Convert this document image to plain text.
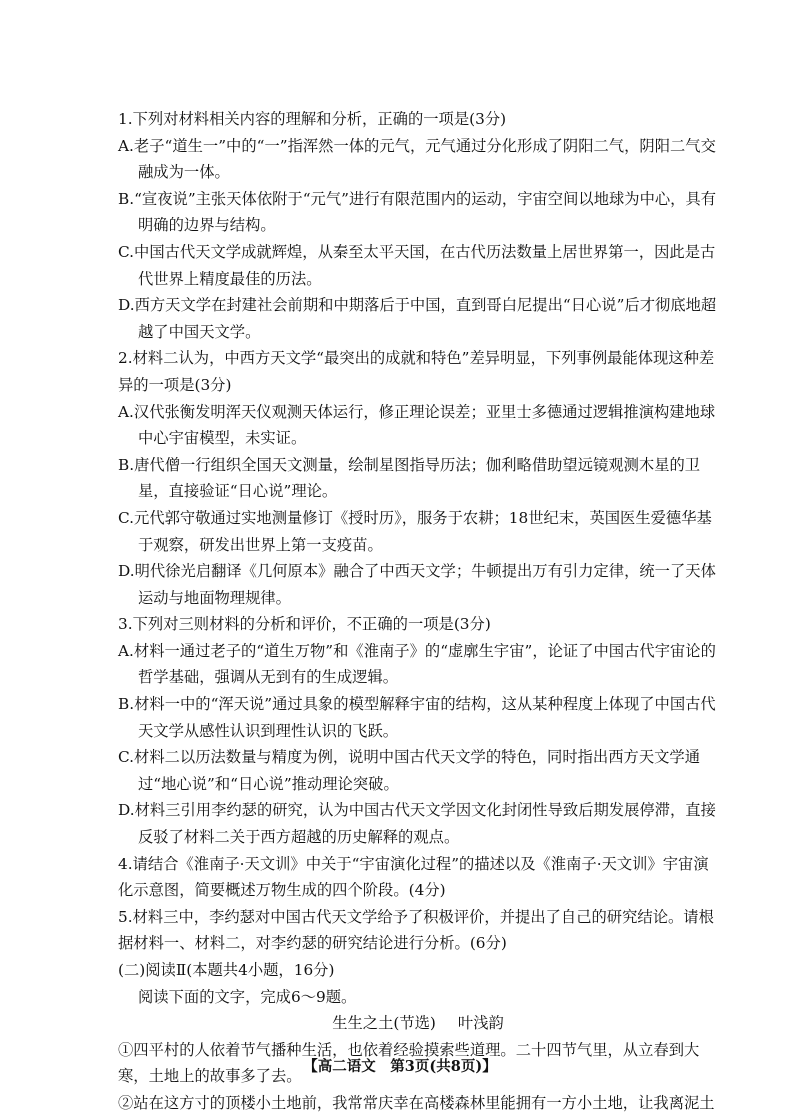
1.下列对材料相关内容的理解和分析，正确的一项是(3分)

A.老子“道生一”中的“一”指浑然一体的元气，元气通过分化形成了阴阳二气，阴阳二气交融成为一体。

B.“宣夜说”主张天体依附于“元气”进行有限范围内的运动，宇宙空间以地球为中心，具有明确的边界与结构。

C.中国古代天文学成就辉煌，从秦至太平天国，在古代历法数量上居世界第一，因此是古代世界上精度最佳的历法。

D.西方天文学在封建社会前期和中期落后于中国，直到哥白尼提出“日心说”后才彻底地超越了中国天文学。

2.材料二认为，中西方天文学“最突出的成就和特色”差异明显，下列事例最能体现这种差异的一项是(3分)

A.汉代张衡发明浑天仪观测天体运行，修正理论误差；亚里士多德通过逻辑推演构建地球中心宇宙模型，未实证。

B.唐代僧一行组织全国天文测量，绘制星图指导历法；伽利略借助望远镜观测木星的卫星，直接验证“日心说”理论。

C.元代郭守敬通过实地测量修订《授时历》，服务于农耕；18世纪末，英国医生爱德华基于观察，研发出世界上第一支疫苗。

D.明代徐光启翻译《几何原本》融合了中西天文学；牛顿提出万有引力定律，统一了天体运动与地面物理规律。

3.下列对三则材料的分析和评价，不正确的一项是(3分)

A.材料一通过老子的“道生万物”和《淮南子》的“虚廓生宇宙”，论证了中国古代宇宙论的哲学基础，强调从无到有的生成逻辑。

B.材料一中的“浑天说”通过具象的模型解释宇宙的结构，这从某种程度上体现了中国古代天文学从感性认识到理性认识的飞跃。

C.材料二以历法数量与精度为例，说明中国古代天文学的特色，同时指出西方天文学通过“地心说”和“日心说”推动理论突破。

D.材料三引用李约瑟的研究，认为中国古代天文学因文化封闭性导致后期发展停滞，直接反驳了材料二关于西方超越的历史解释的观点。

4.请结合《淮南子·天文训》中关于“宇宙演化过程”的描述以及《淮南子·天文训》宇宙演化示意图，简要概述万物生成的四个阶段。(4分)

5.材料三中，李约瑟对中国古代天文学给予了积极评价，并提出了自己的研究结论。请根据材料一、材料二，对李约瑟的研究结论进行分析。(6分)

(二)阅读Ⅱ(本题共4小题，16分)

阅读下面的文字，完成6～9题。

生生之土(节选) 叶浅韵

①四平村的人依着节气播种生活，也依着经验摸索些道理。二十四节气里，从立春到大寒，土地上的故事多了去。

②站在这方寸的顶楼小土地前，我常常庆幸在高楼森林里能拥有一方小土地，让我离泥土

【高二语文　第3页(共8页)】
